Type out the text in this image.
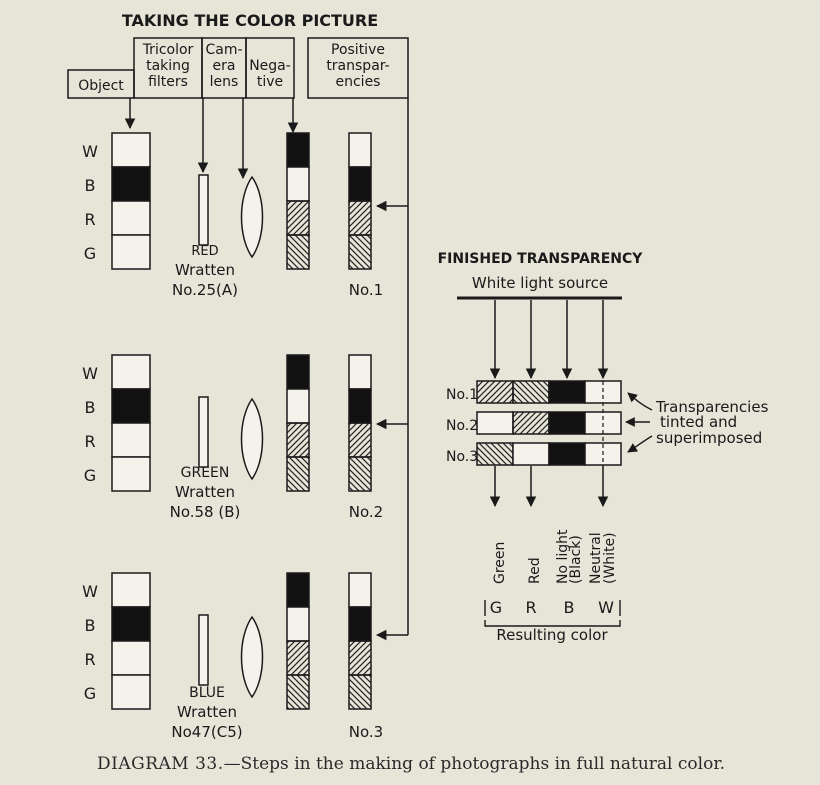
TAKING THE COLOR PICTURE
Object
Tricolor
taking
filters
Cam-
era
lens
Nega-
tive
Positive
transpar-
encies
W
B
R
G
W
B
R
G
W
B
R
G
RED
Wratten
No.25(A)
GREEN
Wratten
No.58 (B)
BLUE
Wratten
No47(C5)
No.1
No.2
No.3
FINISHED TRANSPARENCY
White light source
No.1
No.2
No.3
Transparencies
tinted and
superimposed
Green Red No light
(Black) Neutral
(White)
G R B W
Resulting color
DIAGRAM 33.—Steps in the making of photographs in full natural color.
